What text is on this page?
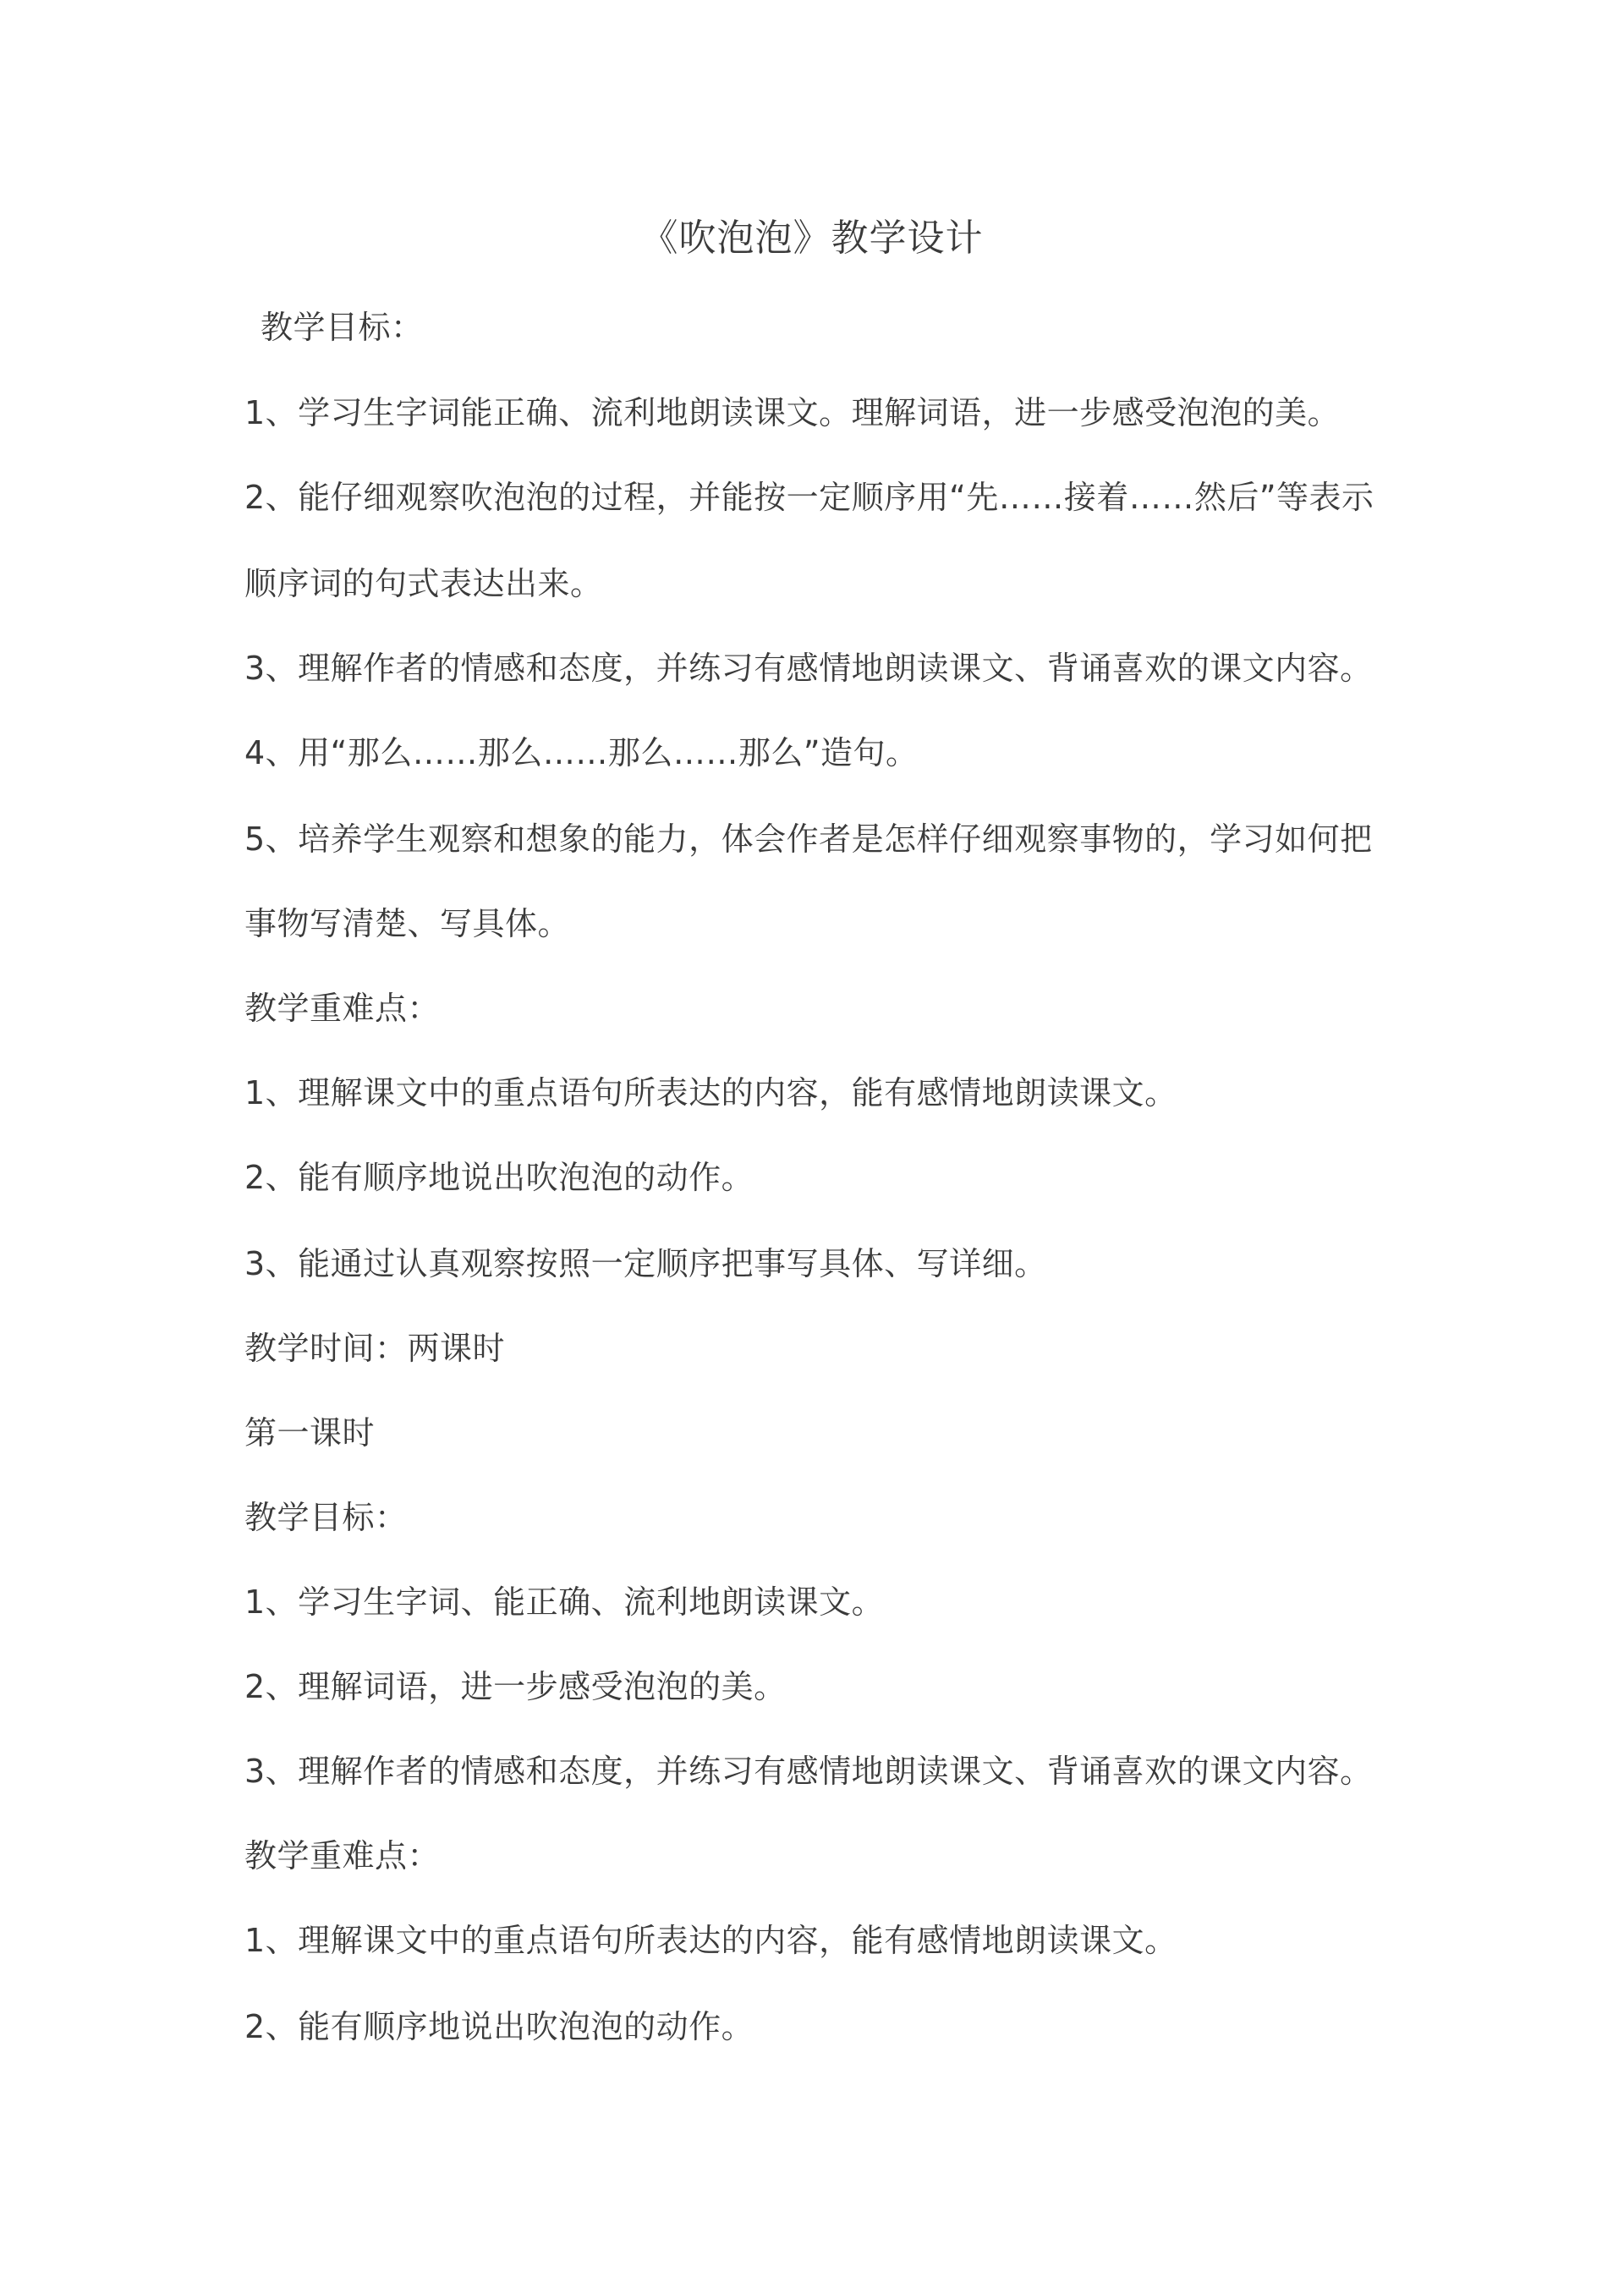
《吹泡泡》教学设计
教学目标：
1、学习生字词能正确、流利地朗读课文。理解词语，进一步感受泡泡的美。
2、能仔细观察吹泡泡的过程，并能按一定顺序用“先……接着……然后”等表示
顺序词的句式表达出来。
3、理解作者的情感和态度，并练习有感情地朗读课文、背诵喜欢的课文内容。
4、用“那么……那么……那么……那么”造句。
5、培养学生观察和想象的能力，体会作者是怎样仔细观察事物的，学习如何把
事物写清楚、写具体。
教学重难点：
1、理解课文中的重点语句所表达的内容，能有感情地朗读课文。
2、能有顺序地说出吹泡泡的动作。
3、能通过认真观察按照一定顺序把事写具体、写详细。
教学时间：两课时
第一课时
教学目标：
1、学习生字词、能正确、流利地朗读课文。
2、理解词语，进一步感受泡泡的美。
3、理解作者的情感和态度，并练习有感情地朗读课文、背诵喜欢的课文内容。
教学重难点：
1、理解课文中的重点语句所表达的内容，能有感情地朗读课文。
2、能有顺序地说出吹泡泡的动作。
